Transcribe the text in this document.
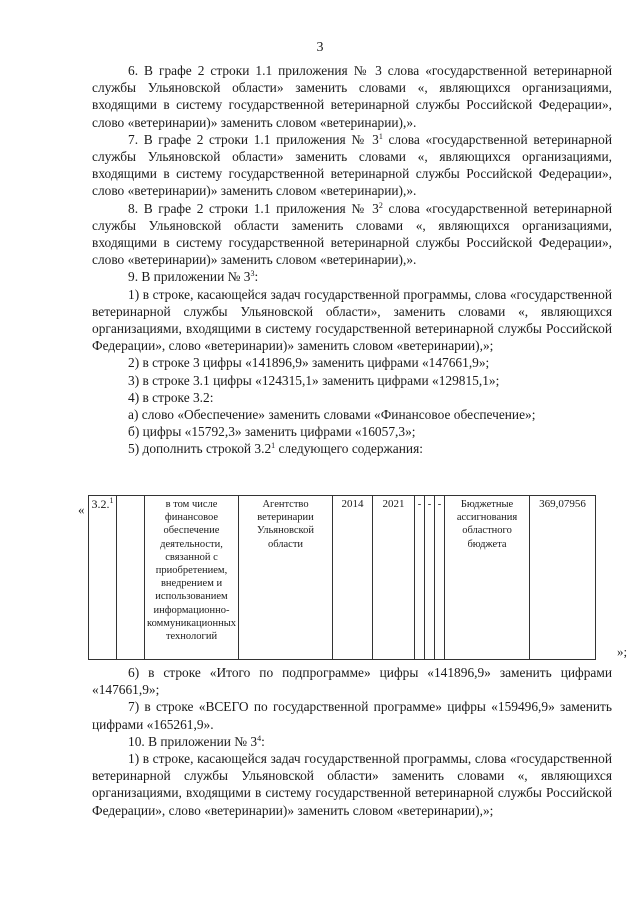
3

6. В графе 2 строки 1.1 приложения № 3 слова «государственной ветеринарной службы Ульяновской области» заменить словами «, являющихся организациями, входящими в систему государственной ветеринарной службы Российской Федерации», слово «ветеринарии)» заменить словом «ветеринарии),».

7. В графе 2 строки 1.1 приложения № $3^1$ слова «государственной ветеринарной службы Ульяновской области» заменить словами «, являющихся организациями, входящими в систему государственной ветеринарной службы Российской Федерации», слово «ветеринарии)» заменить словом «ветеринарии),».

8. В графе 2 строки 1.1 приложения № $3^2$ слова «государственной ветеринарной службы Ульяновской области заменить словами «, являющихся организациями, входящими в систему государственной ветеринарной службы Российской Федерации», слово «ветеринарии)» заменить словом «ветеринарии),».

9. В приложении № $3^3$:

1) в строке, касающейся задач государственной программы, слова «государственной ветеринарной службы Ульяновской области», заменить словами «, являющихся организациями, входящими в систему государственной ветеринарной службы Российской Федерации», слово «ветеринарии)» заменить словом «ветеринарии),»;

2) в строке 3 цифры «141896,9» заменить цифрами «147661,9»;

3) в строке 3.1 цифры «124315,1» заменить цифрами «129815,1»;

4) в строке 3.2:

а) слово «Обеспечение» заменить словами «Финансовое обеспечение»;

б) цифры «15792,3» заменить цифрами «16057,3»;

5) дополнить строкой $3.2^1$ следующего содержания:

« 3.2.$^1$		в том числе финансовое обеспечение деятельности, связанной с приобретением, внедрением и использованием информационно-коммуникационных технологий	Агентство ветеринарии Ульяновской области	2014	2021	-	-	-	Бюджетные ассигнования областного бюджета	369,07956
»;

6) в строке «Итого по подпрограмме» цифры «141896,9» заменить цифрами «147661,9»;

7) в строке «ВСЕГО по государственной программе» цифры «159496,9» заменить цифрами «165261,9».

10. В приложении № $3^4$:

1) в строке, касающейся задач государственной программы, слова «государственной ветеринарной службы Ульяновской области» заменить словами «, являющихся организациями, входящими в систему государственной ветеринарной службы Российской Федерации», слово «ветеринарии)» заменить словом «ветеринарии),»;
